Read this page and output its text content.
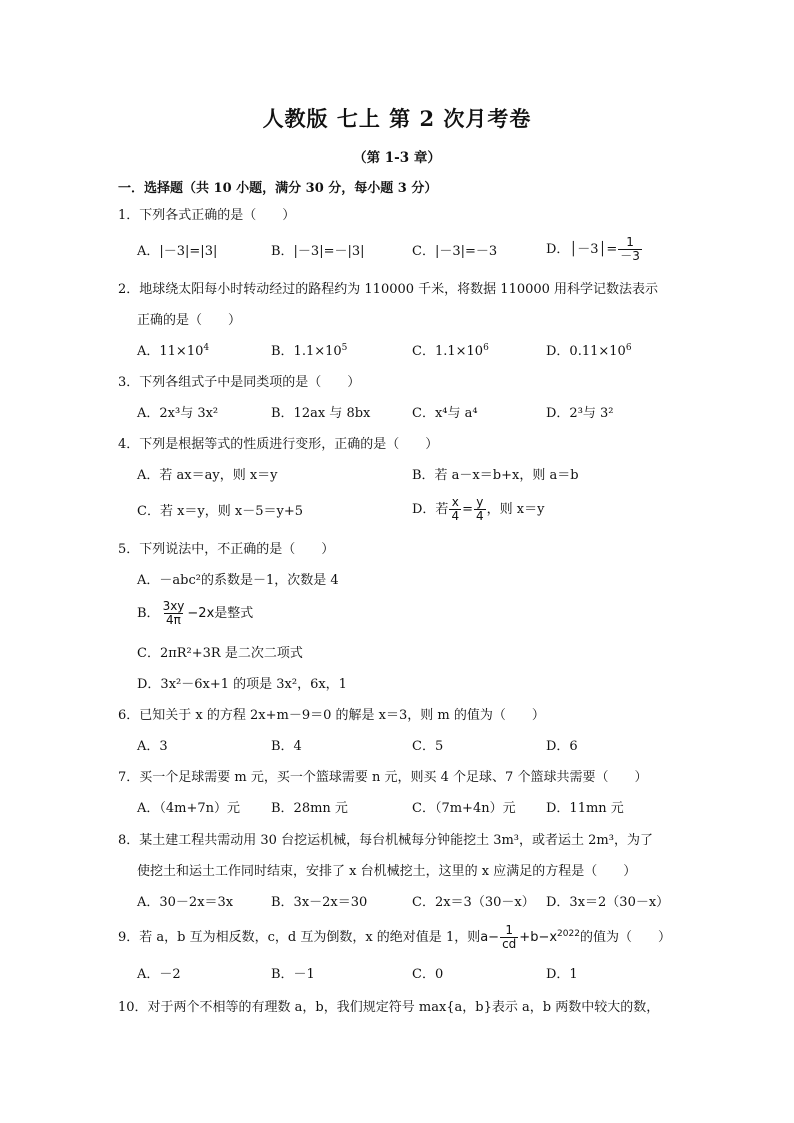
人教版 七上 第 2 次月考卷
（第 1-3 章）
一．选择题（共 10 小题，满分 30 分，每小题 3 分）
1．下列各式正确的是（　　）
A．|－3|=|3|	B．|－3|=－|3|	C．|－3|=－3	D．│－3│= $\frac{1}{-3}$
2．地球绕太阳每小时转动经过的路程约为 110000 千米，将数据 110000 用科学记数法表示
正确的是（　　）
A．$11\times 10^4$	B．$1.1\times 10^5$	C．$1.1\times 10^6$	D．$0.11\times 10^6$
3．下列各组式子中是同类项的是（　　）
A．2x³与 3x²	B．12ax 与 8bx	C．x⁴与 a⁴	D．2³与 3²
4．下列是根据等式的性质进行变形，正确的是（　　）
A．若 ax＝ay，则 x＝y	B．若 a－x＝b+x，则 a＝b
C．若 x＝y，则 x－5＝y+5	D．若 $\frac{x}{4} = \frac{y}{4}$ ，则 x＝y
5．下列说法中，不正确的是（　　）
A．－abc²的系数是－1，次数是 4
B． $\frac{3xy}{4\pi} -2x$是整式
C．2πR²+3R 是二次二项式
D．3x²－6x+1 的项是 3x²，6x，1
6．已知关于 x 的方程 2x+m－9＝0 的解是 x＝3，则 m 的值为（　　）
A．3	B．4	C．5	D．6
7．买一个足球需要 m 元，买一个篮球需要 n 元，则买 4 个足球、7 个篮球共需要（　　）
A．（4m+7n）元 B．28mn 元	C．（7m+4n）元 D．11mn 元
8．某土建工程共需动用 30 台挖运机械，每台机械每分钟能挖土 3m³，或者运土 2m³，为了
使挖土和运土工作同时结束，安排了 x 台机械挖土，这里的 x 应满足的方程是（　　）
A．30－2x＝3x	B．3x－2x＝30	C．2x＝3（30－x） D．3x＝2（30－x）
9．若 a，b 互为相反数，c，d 互为倒数，x 的绝对值是 1，则$a- \frac{1}{cd} +b-x^{2022}$的值为（　　）
A．－2	B．－1	C．0	D．1
10．对于两个不相等的有理数 a，b，我们规定符号 max{a，b}表示 a，b 两数中较大的数，
